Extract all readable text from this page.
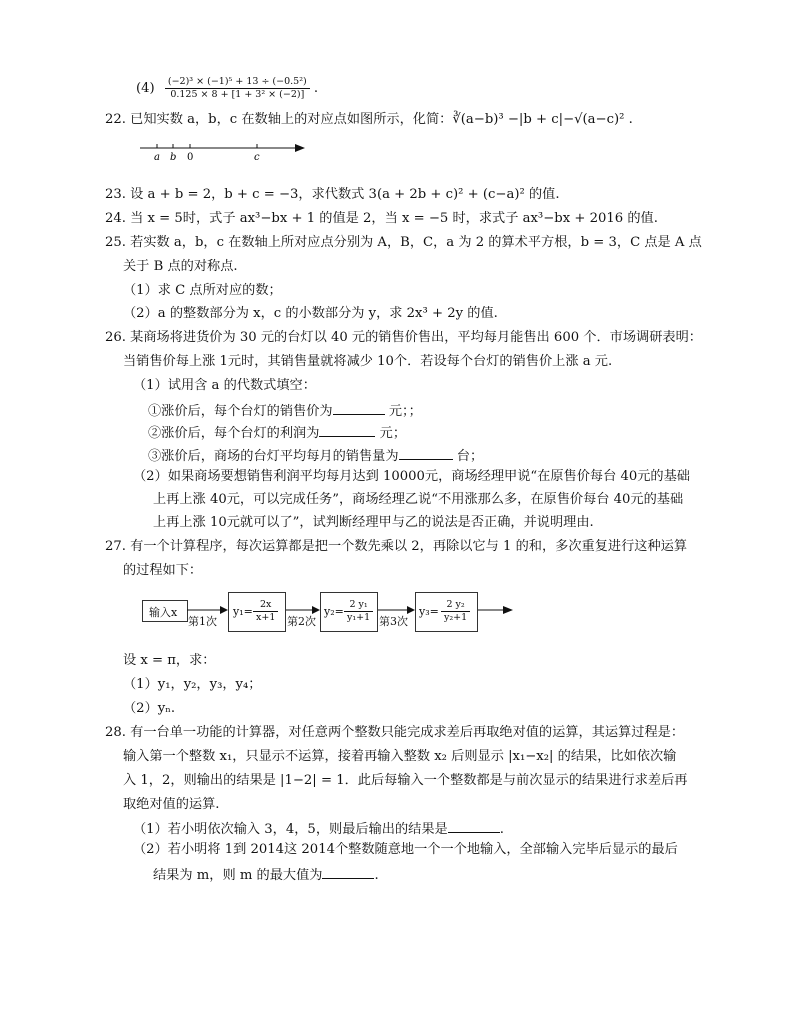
$(4) \frac{\text{(−2)³ × (−1)⁵ + 13 ÷ (−0.5²)}}{\text{0.125 × 8 + [1 + 3² × (−2)]}}$ .
22. 已知实数 a，b，c 在数轴上的对应点如图所示，化简：∛(a−b)³ −|b + c|−√(a−c)² .
a b 0	c
23. 设 a + b = 2，b + c = −3，求代数式 3(a + 2b + c)² + (c−a)² 的值.
24. 当 x = 5时，式子 ax³−bx + 1 的值是 2，当 x = −5 时，求式子 ax³−bx + 2016 的值.
25. 若实数 a，b，c 在数轴上所对应点分别为 A，B，C，a 为 2 的算术平方根，b = 3，C 点是 A 点
关于 B 点的对称点.
（1）求 C 点所对应的数；
（2）a 的整数部分为 x，c 的小数部分为 y，求 2x³ + 2y 的值.
26. 某商场将进货价为 30 元的台灯以 40 元的销售价售出，平均每月能售出 600 个．市场调研表明：
当销售价每上涨 1元时，其销售量就将减少 10个．若设每个台灯的销售价上涨 a 元.
（1）试用含 a 的代数式填空：
①涨价后，每个台灯的销售价为	元；；
②涨价后，每个台灯的利润为	元；
③涨价后，商场的台灯平均每月的销售量为	台；
（2）如果商场要想销售利润平均每月达到 10000元，商场经理甲说“在原售价每台 40元的基础
上再上涨 40元，可以完成任务”，商场经理乙说“不用涨那么多，在原售价每台 40元的基础
上再上涨 10元就可以了”，试判断经理甲与乙的说法是否正确，并说明理由.
27. 有一个计算程序，每次运算都是把一个数先乘以 2，再除以它与 1 的和，多次重复进行这种运算
的过程如下：
输入x
第1次	第2次	第3次
$y_1= \frac{2x}{x+1}$	$y_2= \frac{\text{2 y₁}}{\text{y₁+1}}$	$y_3= \frac{\text{2 y₂}}{\text{y₂+1}}$
设 x = π，求：
（1）y₁，y₂，y₃，y₄；
（2）yₙ.
28. 有一台单一功能的计算器，对任意两个整数只能完成求差后再取绝对值的运算，其运算过程是：
输入第一个整数 x₁，只显示不运算，接着再输入整数 x₂ 后则显示 |x₁−x₂| 的结果，比如依次输
入 1，2，则输出的结果是 |1−2| = 1．此后每输入一个整数都是与前次显示的结果进行求差后再
取绝对值的运算.
（1）若小明依次输入 3，4，5，则最后输出的结果是	.
（2）若小明将 1到 2014这 2014个整数随意地一个一个地输入，全部输入完毕后显示的最后
结果为 m，则 m 的最大值为	.
